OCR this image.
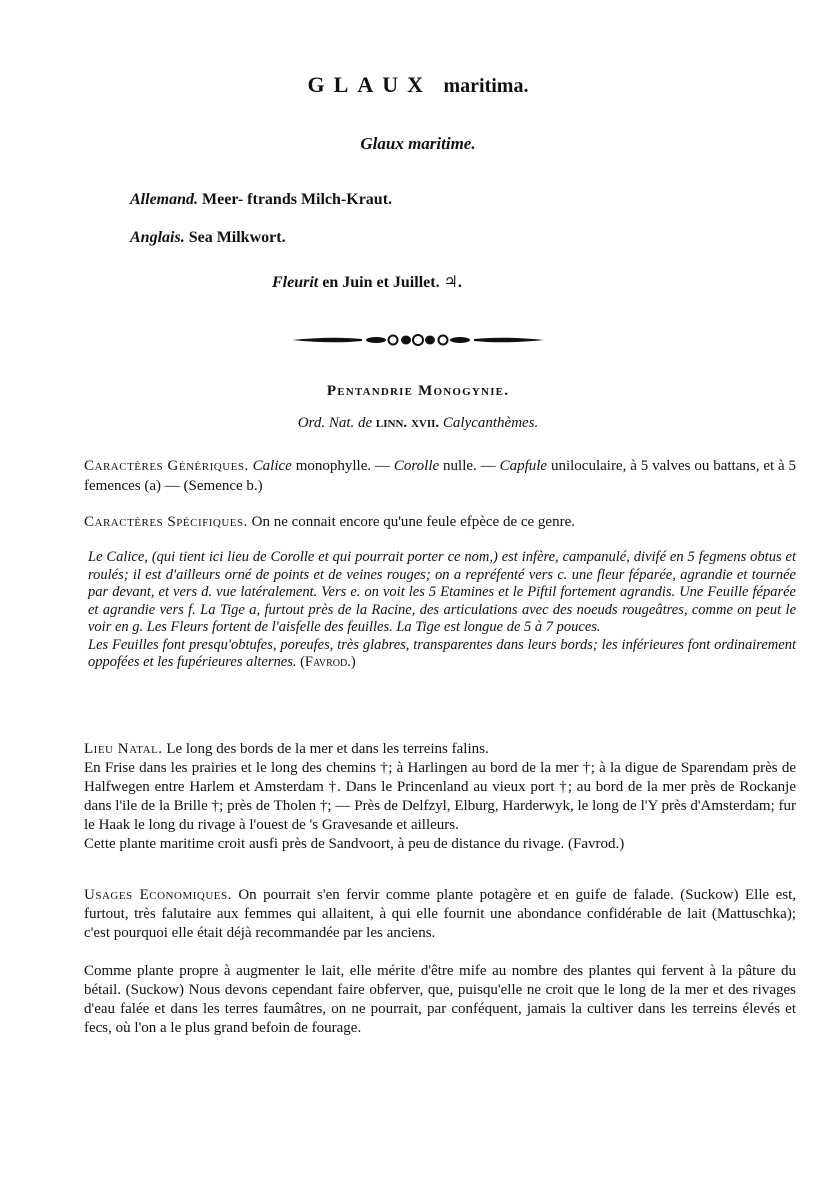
GLAUX maritima.
Glaux maritime.
Allemand. Meer- ftrands Milch-Kraut.
Anglais. Sea Milkwort.
Fleurit en Juin et Juillet. ♃.
Pentandrie Monogynie.
Ord. Nat. de linn. xvii. Calycanthèmes.
Caractères Génériques. Calice monophylle. — Corolle nulle. — Capfule uniloculaire, à 5 valves ou battans, et à 5 femences (a) — (Semence b.)
Caractères Spécifiques. On ne connait encore qu'une feule efpèce de ce genre.
Le Calice, (qui tient ici lieu de Corolle et qui pourrait porter ce nom,) est infère, campanulé, divifé en 5 fegmens obtus et roulés; il est d'ailleurs orné de points et de veines rouges; on a repréfenté vers c. une fleur féparée, agrandie et tournée par devant, et vers d. vue latéralement. Vers e. on voit les 5 Etamines et le Piftil fortement agrandis. Une Feuille féparée et agrandie vers f. La Tige a, furtout près de la Racine, des articulations avec des noeuds rougeâtres, comme on peut le voir en g. Les Fleurs fortent de l'aisfelle des feuilles. La Tige est longue de 5 à 7 pouces.
Les Feuilles font presqu'obtufes, poreufes, très glabres, transparentes dans leurs bords; les inférieures font ordinairement oppofées et les fupérieures alternes. (Favrod.)
Lieu Natal. Le long des bords de la mer et dans les terreins falins.
En Frise dans les prairies et le long des chemins †; à Harlingen au bord de la mer †; à la digue de Sparendam près de Halfwegen entre Harlem et Amsterdam †. Dans le Princenland au vieux port †; au bord de la mer près de Rockanje dans l'ile de la Brille †; près de Tholen †; — Près de Delfzyl, Elburg, Harderwyk, le long de l'Y près d'Amsterdam; fur le Haak le long du rivage à l'ouest de 's Gravesande et ailleurs.
Cette plante maritime croit ausfi près de Sandvoort, à peu de distance du rivage. (Favrod.)
Usages Economiques. On pourrait s'en fervir comme plante potagère et en guife de falade. (Suckow) Elle est, furtout, très falutaire aux femmes qui allaitent, à qui elle fournit une abondance confidérable de lait (Mattuschka); c'est pourquoi elle était déjà recommandée par les anciens.
Comme plante propre à augmenter le lait, elle mérite d'être mife au nombre des plantes qui fervent à la pâture du bétail. (Suckow) Nous devons cependant faire obferver, que, puisqu'elle ne croit que le long de la mer et des rivages d'eau falée et dans les terres faumâtres, on ne pourrait, par conféquent, jamais la cultiver dans les terreins élevés et fecs, où l'on a le plus grand befoin de fourage.
